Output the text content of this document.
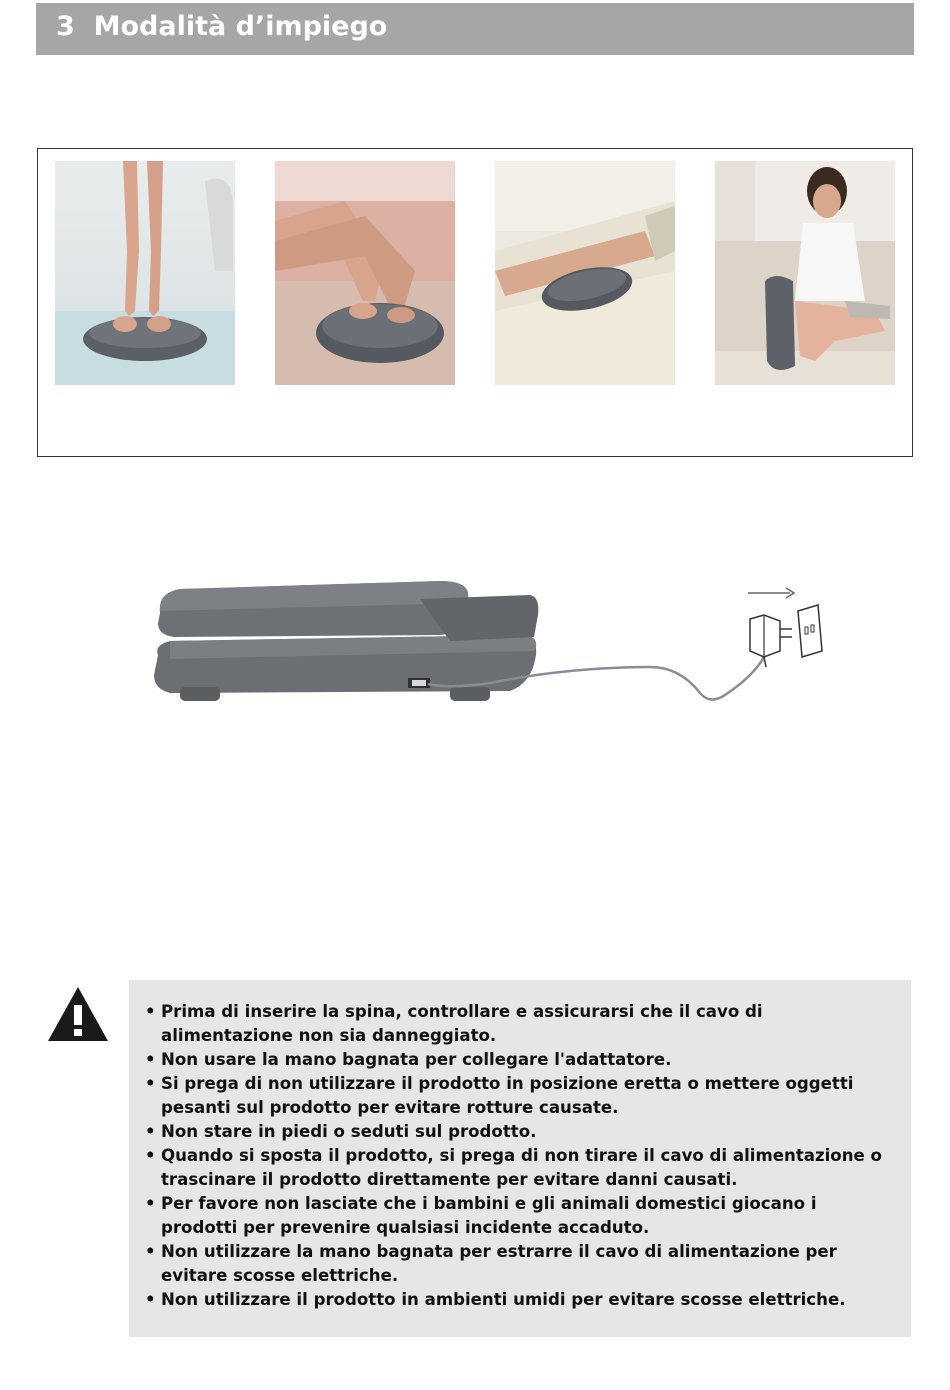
3 Modalità d’impiego
• Prima di inserire la spina, controllare e assicurarsi che il cavo di alimentazione non sia danneggiato.
• Non usare la mano bagnata per collegare l'adattatore.
• Si prega di non utilizzare il prodotto in posizione eretta o mettere oggetti pesanti sul prodotto per evitare rotture causate.
• Non stare in piedi o seduti sul prodotto.
• Quando si sposta il prodotto, si prega di non tirare il cavo di alimentazione o trascinare il prodotto direttamente per evitare danni causati.
• Per favore non lasciate che i bambini e gli animali domestici giocano i prodotti per prevenire qualsiasi incidente accaduto.
• Non utilizzare la mano bagnata per estrarre il cavo di alimentazione per evitare scosse elettriche.
• Non utilizzare il prodotto in ambienti umidi per evitare scosse elettriche.
